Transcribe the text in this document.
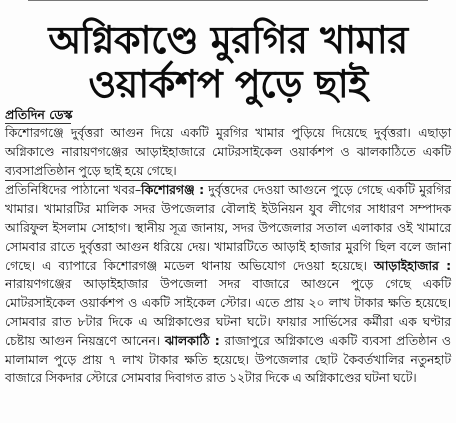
অগ্নিকাণ্ডে মুরগির খামার
ওয়ার্কশপ পুড়ে ছাই
প্রতিদিন ডেস্ক

কিশোরগঞ্জে দুর্বৃত্তরা আগুন দিয়ে একটি মুরগির খামার পুড়িয়ে দিয়েছে দুর্বৃত্তরা। এছাড়া অগ্নিকাণ্ডে নারায়ণগঞ্জের আড়াইহাজারে মোটরসাইকেল ওয়ার্কশপ ও ঝালকাঠিতে একটি ব্যবসাপ্রতিষ্ঠান পুড়ে ছাই হয়ে গেছে।

প্রতিনিধিদের পাঠানো খবর–কিশোরগঞ্জ : দুর্বৃত্তদের দেওয়া আগুনে পুড়ে গেছে একটি মুরগির খামার। খামারটির মালিক সদর উপজেলার বৌলাই ইউনিয়ন যুব লীগের সাধারণ সম্পাদক আরিফুল ইসলাম সোহাগ। স্থানীয় সূত্র জানায়, সদর উপজেলার সতাল এলাকার ওই খামারে সোমবার রাতে দুর্বৃত্তরা আগুন ধরিয়ে দেয়। খামারটিতে আড়াই হাজার মুরগি ছিল বলে জানা গেছে। এ ব্যাপারে কিশোরগঞ্জ মডেল থানায় অভিযোগ দেওয়া হয়েছে। আড়াইহাজার : নারায়ণগঞ্জের আড়াইহাজার উপজেলা সদর বাজারে আগুনে পুড়ে গেছে একটি মোটরসাইকেল ওয়ার্কশপ ও একটি সাইকেল স্টোর। এতে প্রায় ২০ লাখ টাকার ক্ষতি হয়েছে। সোমবার রাত ৮টার দিকে এ অগ্নিকাণ্ডের ঘটনা ঘটে। ফায়ার সার্ভিসের কর্মীরা এক ঘণ্টার চেষ্টায় আগুন নিয়ন্ত্রণে আনেন। ঝালকাঠি : রাজাপুরে অগ্নিকাণ্ডে একটি ব্যবসা প্রতিষ্ঠান ও মালামাল পুড়ে প্রায় ৭ লাখ টাকার ক্ষতি হয়েছে। উপজেলার ছোট কৈবর্তখালির নতুনহাট বাজারে সিকদার স্টোরে সোমবার দিবাগত রাত ১২টার দিকে এ অগ্নিকাণ্ডের ঘটনা ঘটে।
